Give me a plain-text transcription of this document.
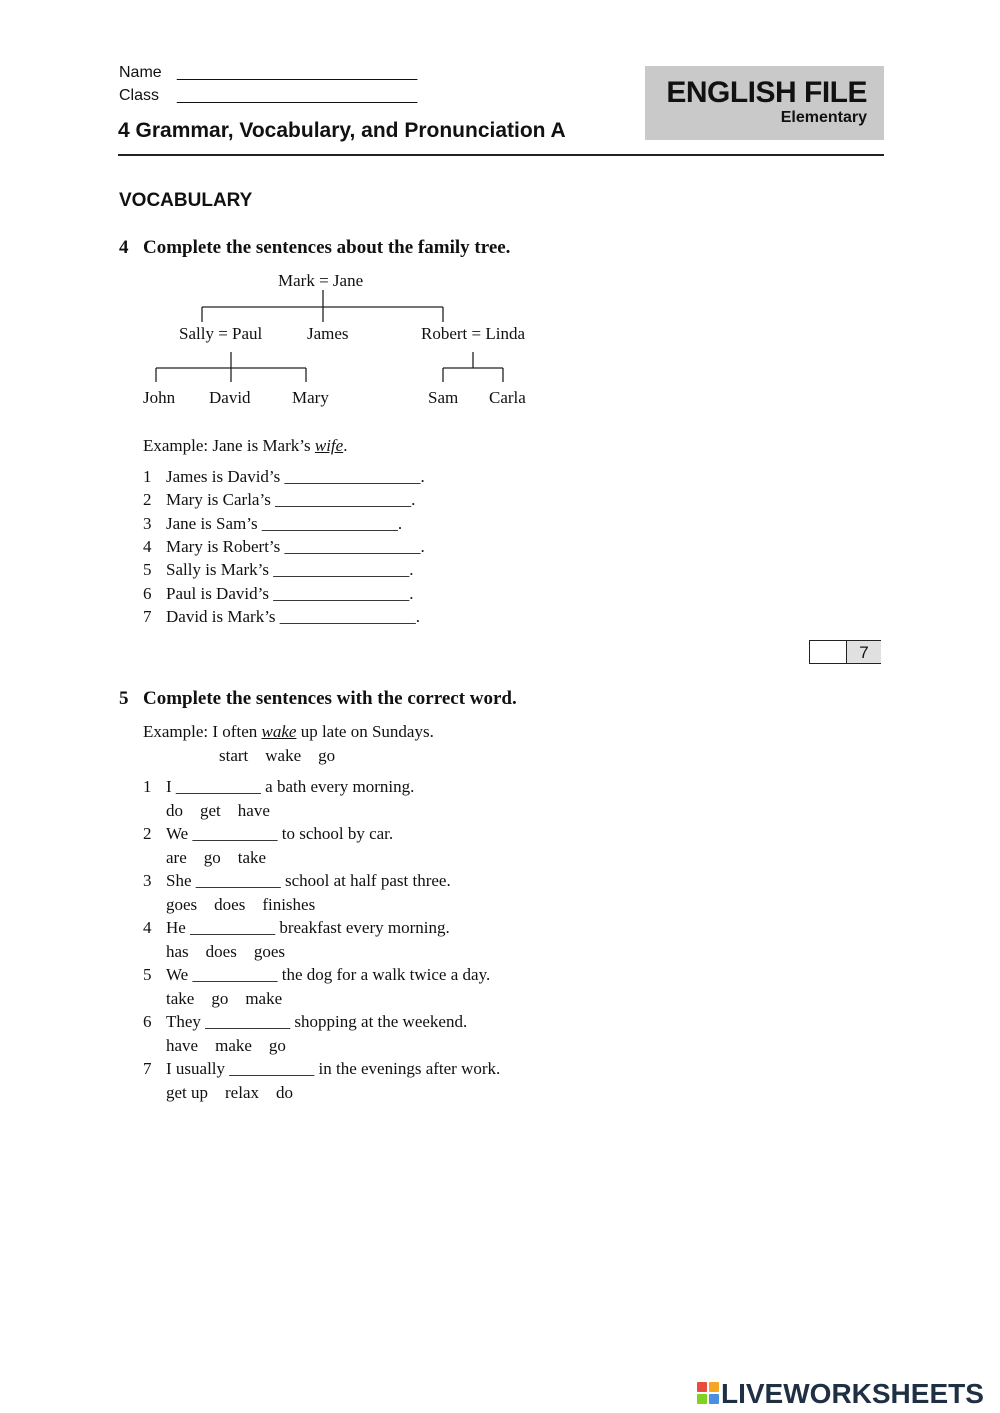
Name ___________________________
Class ___________________________
4 Grammar, Vocabulary, and Pronunciation A
ENGLISH FILE
Elementary
VOCABULARY
4 Complete the sentences about the family tree.
Mark = Jane
Sally = Paul	James	Robert = Linda
John David Mary	Sam Carla
Example: Jane is Mark’s wife.
1 James is David’s ________________.
2 Mary is Carla’s ________________.
3 Jane is Sam’s ________________.
4 Mary is Robert’s ________________.
5 Sally is Mark’s ________________.
6 Paul is David’s ________________.
7 David is Mark’s ________________.
7
5 Complete the sentences with the correct word.
Example: I often wake up late on Sundays.
start    wake    go
1 I __________ a bath every morning.
do    get    have
2 We __________ to school by car.
are    go    take
3 She __________ school at half past three.
goes    does    finishes
4 He __________ breakfast every morning.
has    does    goes
5 We __________ the dog for a walk twice a day.
take    go    make
6 They __________ shopping at the weekend.
have    make    go
7 I usually __________ in the evenings after work.
get up    relax    do
LIVEWORKSHEETS
